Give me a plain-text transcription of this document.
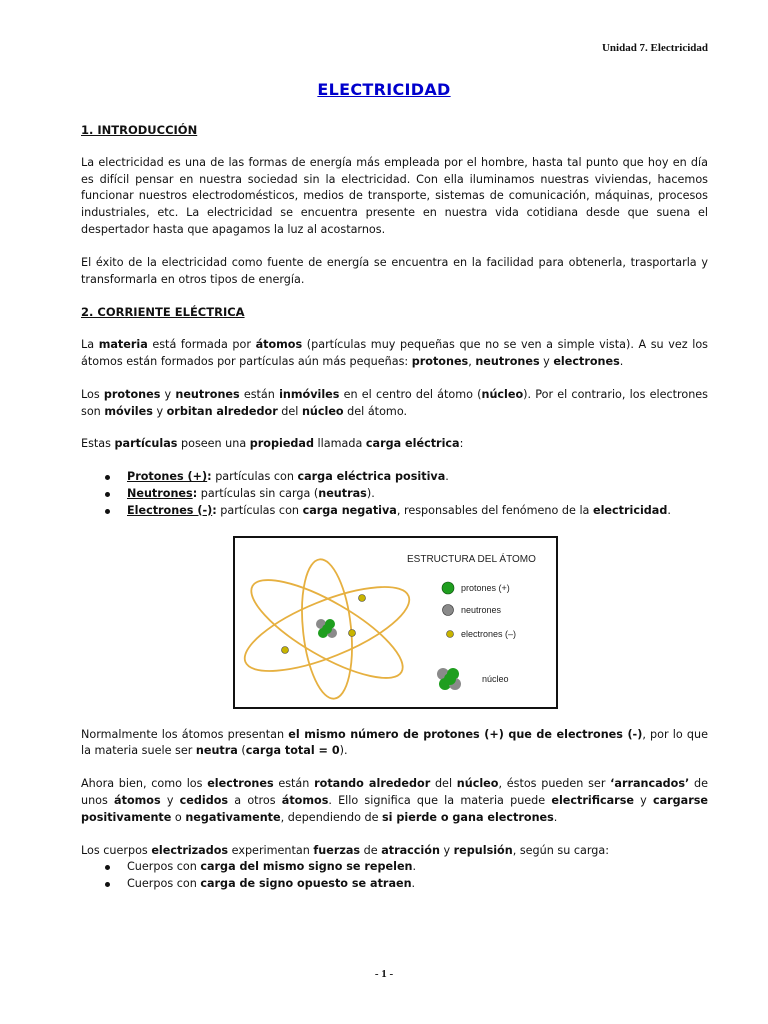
Unidad 7. Electricidad
ELECTRICIDAD
1. INTRODUCCIÓN

La electricidad es una de las formas de energía más empleada por el hombre, hasta tal punto que hoy en día es difícil pensar en nuestra sociedad sin la electricidad. Con ella iluminamos nuestras viviendas, hacemos funcionar nuestros electrodomésticos, medios de transporte, sistemas de comunicación, máquinas, procesos industriales, etc. La electricidad se encuentra presente en nuestra vida cotidiana desde que suena el despertador hasta que apagamos la luz al acostarnos.

El éxito de la electricidad como fuente de energía se encuentra en la facilidad para obtenerla, trasportarla y transformarla en otros tipos de energía.

2. CORRIENTE ELÉCTRICA

La materia está formada por átomos (partículas muy pequeñas que no se ven a simple vista). A su vez los átomos están formados por partículas aún más pequeñas: protones, neutrones y electrones.

Los protones y neutrones están inmóviles en el centro del átomo (núcleo). Por el contrario, los electrones son móviles y orbitan alrededor del núcleo del átomo.

Estas partículas poseen una propiedad llamada carga eléctrica:

Protones (+): partículas con carga eléctrica positiva.
Neutrones: partículas sin carga (neutras).
Electrones (-): partículas con carga negativa, responsables del fenómeno de la electricidad.
ESTRUCTURA DEL ÁTOMO
protones (+)
neutrones
electrones (–)
núcleo

Normalmente los átomos presentan el mismo número de protones (+) que de electrones (-), por lo que la materia suele ser neutra (carga total = 0).

Ahora bien, como los electrones están rotando alrededor del núcleo, éstos pueden ser ‘arrancados’ de unos átomos y cedidos a otros átomos. Ello significa que la materia puede electrificarse y cargarse positivamente o negativamente, dependiendo de si pierde o gana electrones.

Los cuerpos electrizados experimentan fuerzas de atracción y repulsión, según su carga:

Cuerpos con carga del mismo signo se repelen.
Cuerpos con carga de signo opuesto se atraen.
- 1 -
